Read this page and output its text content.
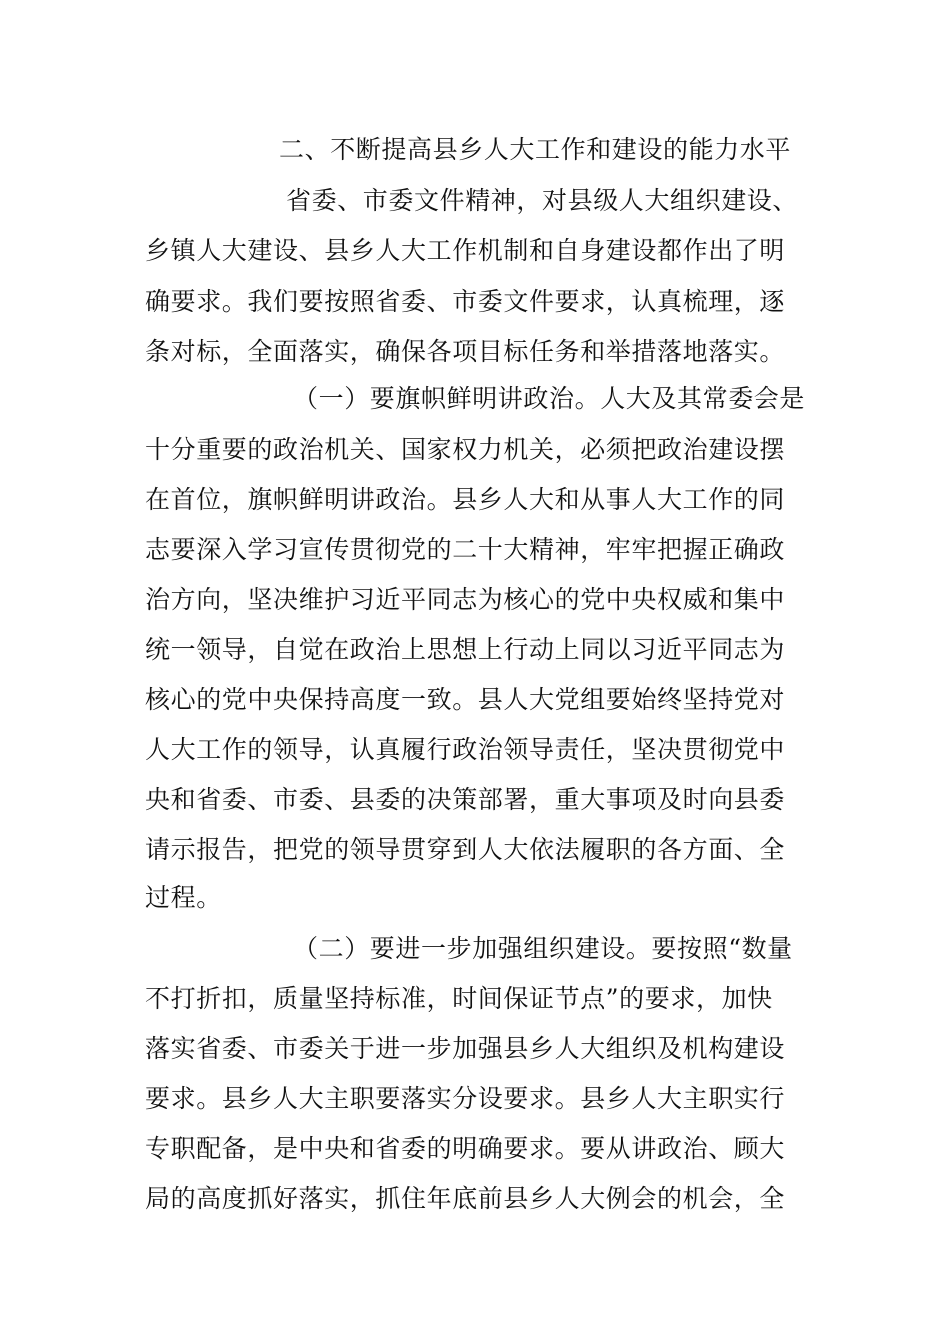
二、不断提高县乡人大工作和建设的能力水平
省委、市委文件精神，对县级人大组织建设、
乡镇人大建设、县乡人大工作机制和自身建设都作出了明
确要求。我们要按照省委、市委文件要求，认真梳理，逐
条对标，全面落实，确保各项目标任务和举措落地落实。
（一）要旗帜鲜明讲政治。人大及其常委会是
十分重要的政治机关、国家权力机关，必须把政治建设摆
在首位，旗帜鲜明讲政治。县乡人大和从事人大工作的同
志要深入学习宣传贯彻党的二十大精神，牢牢把握正确政
治方向，坚决维护习近平同志为核心的党中央权威和集中
统一领导，自觉在政治上思想上行动上同以习近平同志为
核心的党中央保持高度一致。县人大党组要始终坚持党对
人大工作的领导，认真履行政治领导责任，坚决贯彻党中
央和省委、市委、县委的决策部署，重大事项及时向县委
请示报告，把党的领导贯穿到人大依法履职的各方面、全
过程。
（二）要进一步加强组织建设。要按照“数量
不打折扣，质量坚持标准，时间保证节点”的要求，加快
落实省委、市委关于进一步加强县乡人大组织及机构建设
要求。县乡人大主职要落实分设要求。县乡人大主职实行
专职配备，是中央和省委的明确要求。要从讲政治、顾大
局的高度抓好落实，抓住年底前县乡人大例会的机会，全
